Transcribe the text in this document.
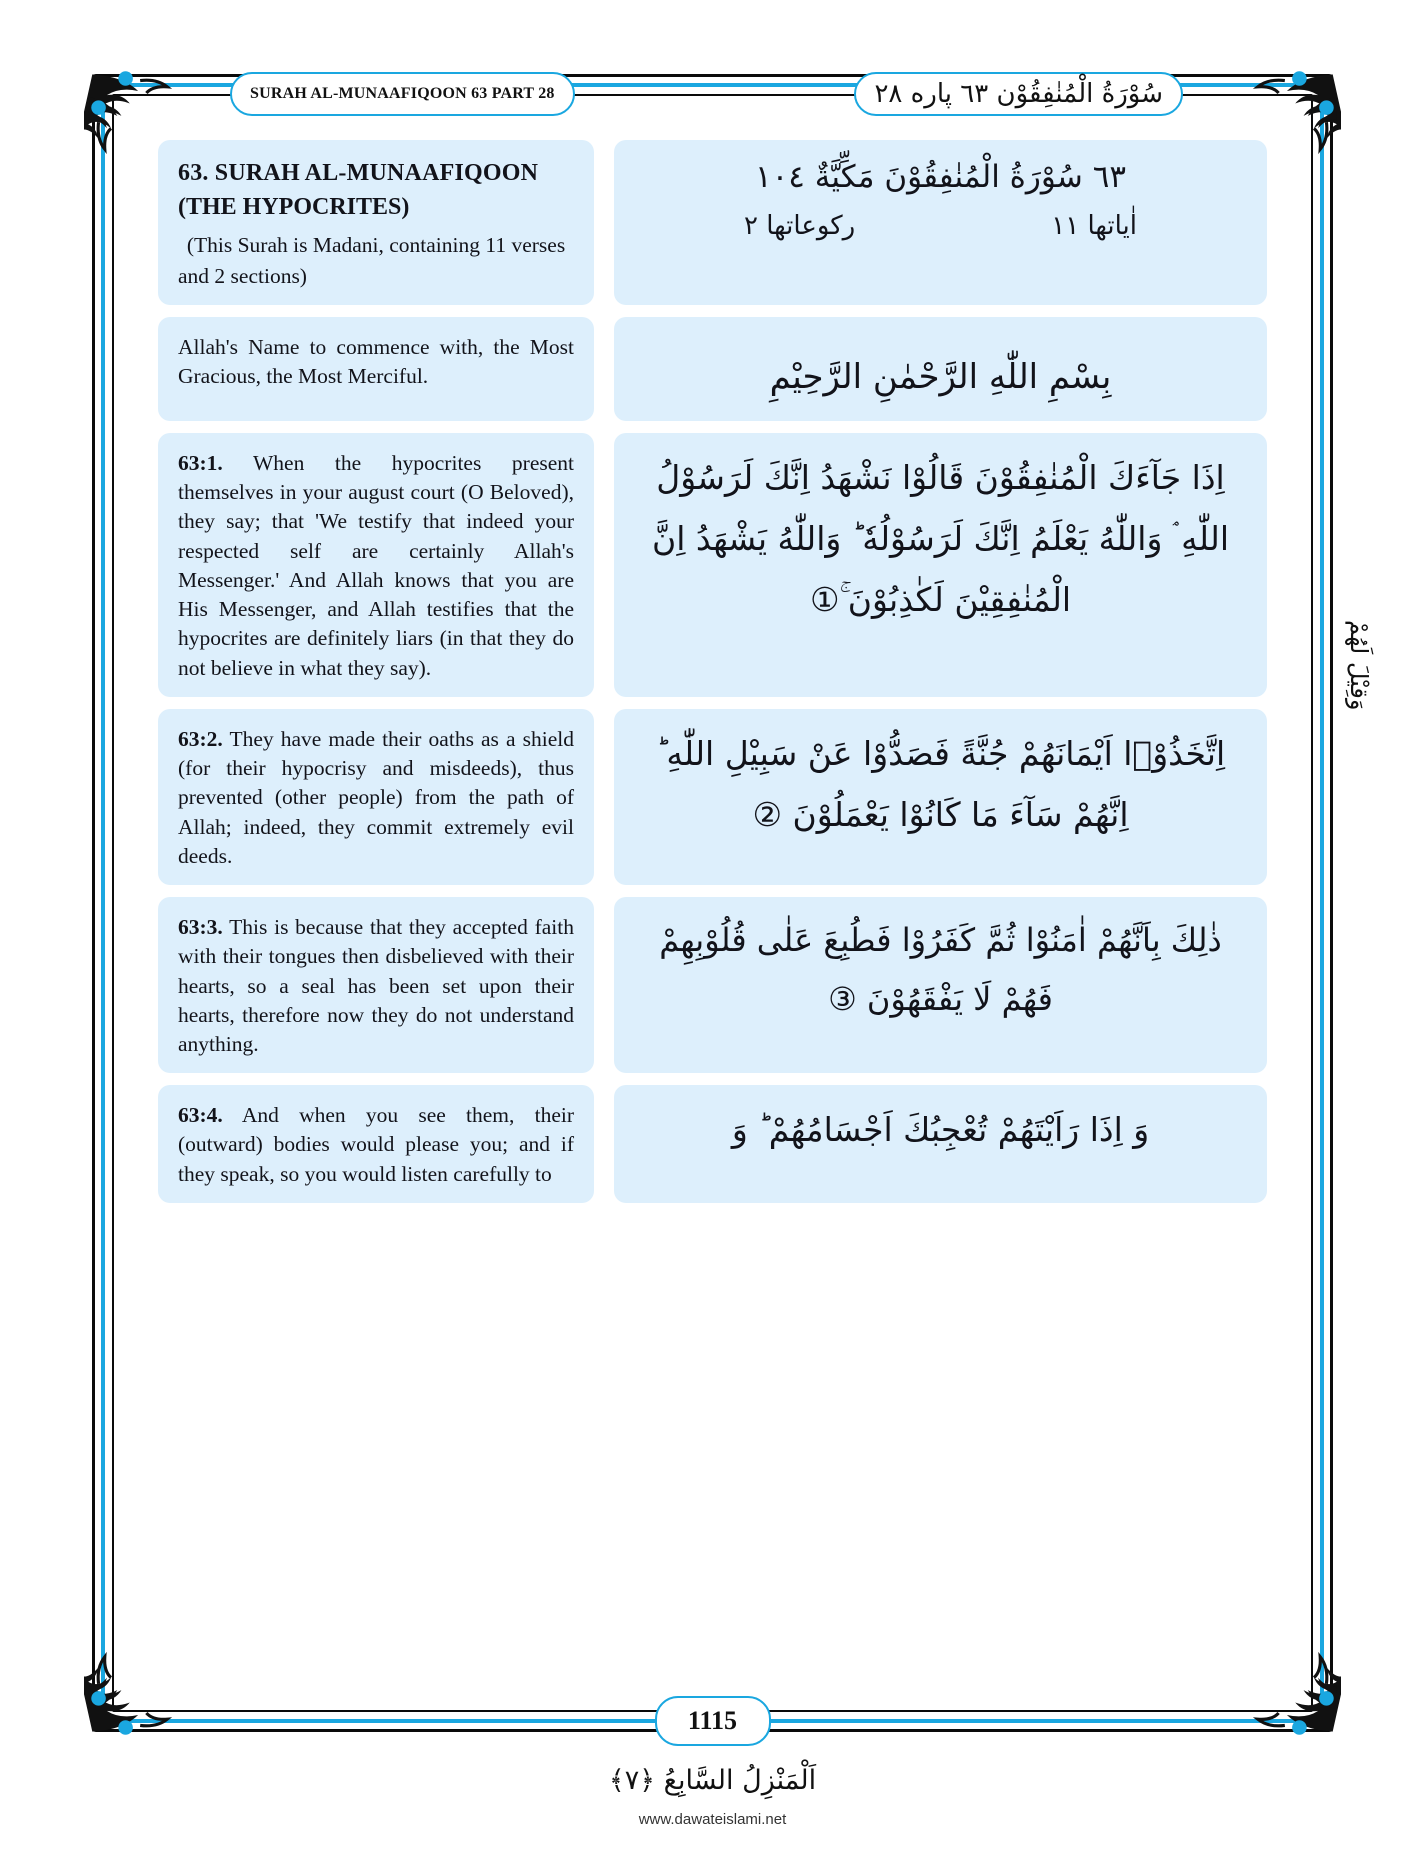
SURAH AL-MUNAAFIQOON 63 PART 28	سُوْرَةُ الْمُنٰفِقُوْن ٦٣ پاره ٢٨
وَقِيْلَ لَهُمْ
63. SURAH AL-MUNAAFIQOON
(THE HYPOCRITES)
(This Surah is Madani, containing 11 verses and 2 sections)
٦٣ سُوْرَةُ الْمُنٰفِقُوْنَ مَكِّيَّةٌ ١٠٤
اٰیاتها ١١
رکوعاتها ٢
Allah's Name to commence with, the Most Gracious, the Most Merciful.	بِسْمِ اللّٰهِ الرَّحْمٰنِ الرَّحِيْمِ
63:1. When the hypocrites present themselves in your august court (O Beloved), they say; that 'We testify that indeed your respected self are certainly Allah's Messenger.' And Allah knows that you are His Messenger, and Allah testifies that the hypocrites are definitely liars (in that they do not believe in what they say).
اِذَا جَآءَكَ الْمُنٰفِقُوْنَ قَالُوْا نَشْهَدُ اِنَّكَ لَرَسُوْلُ اللّٰهِ ۘ وَاللّٰهُ يَعْلَمُ اِنَّكَ لَرَسُوْلُهٗ ؕ وَاللّٰهُ يَشْهَدُ اِنَّ الْمُنٰفِقِيْنَ لَكٰذِبُوْنَ ۚ①
63:2. They have made their oaths as a shield (for their hypocrisy and misdeeds), thus prevented (other people) from the path of Allah; indeed, they commit extremely evil deeds.
اِتَّخَذُوْۤا اَيْمَانَهُمْ جُنَّةً فَصَدُّوْا عَنْ سَبِيْلِ اللّٰهِ ؕ اِنَّهُمْ سَآءَ مَا كَانُوْا يَعْمَلُوْنَ ②
63:3. This is because that they accepted faith with their tongues then disbelieved with their hearts, so a seal has been set upon their hearts, therefore now they do not understand anything.
ذٰلِكَ بِاَنَّهُمْ اٰمَنُوْا ثُمَّ كَفَرُوْا فَطُبِعَ عَلٰى قُلُوْبِهِمْ فَهُمْ لَا يَفْقَهُوْنَ ③
63:4. And when you see them, their (outward) bodies would please you; and if they speak, so you would listen carefully to
وَ اِذَا رَاَيْتَهُمْ تُعْجِبُكَ اَجْسَامُهُمْ ؕ وَ
1115
اَلْمَنْزِلُ السَّابِعُ ﴿٧﴾
www.dawateislami.net
